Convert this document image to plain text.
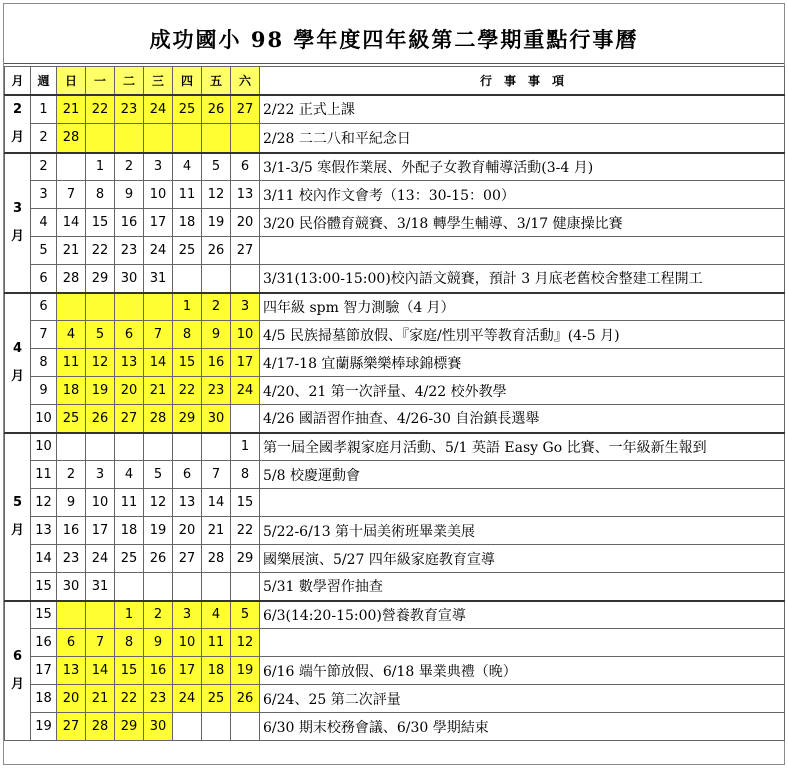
成功國小 98 學年度四年級第二學期重點行事曆
月	週	日	一	二	三	四	五	六	行　事　事　項

2
月	1	21	22	23	24	25	26	27	2/22 正式上課
	2	28							2/28 二二八和平紀念日

3
月	2		1	2	3	4	5	6	3/1-3/5 寒假作業展、外配子女教育輔導活動(3-4 月)
	3	7	8	9	10	11	12	13	3/11 校內作文會考（13：30-15：00）
	4	14	15	16	17	18	19	20	3/20 民俗體育競賽、3/18 轉學生輔導、3/17 健康操比賽
	5	21	22	23	24	25	26	27	
	6	28	29	30	31				3/31(13:00-15:00)校內語文競賽，預計 3 月底老舊校舍整建工程開工

4
月	6					1	2	3	四年級 spm 智力測驗（4 月）
	7	4	5	6	7	8	9	10	4/5 民族掃墓節放假、『家庭/性別平等教育活動』(4-5 月)
	8	11	12	13	14	15	16	17	4/17-18 宜蘭縣樂樂棒球錦標賽
	9	18	19	20	21	22	23	24	4/20、21 第一次評量、4/22 校外教學
	10	25	26	27	28	29	30		4/26 國語習作抽查、4/26-30 自治鎮長選舉

5
月	10							1	第一屆全國孝親家庭月活動、5/1 英語 Easy Go 比賽、一年級新生報到
	11	2	3	4	5	6	7	8	5/8 校慶運動會
	12	9	10	11	12	13	14	15	
	13	16	17	18	19	20	21	22	5/22-6/13 第十屆美術班畢業美展
	14	23	24	25	26	27	28	29	國樂展演、5/27 四年級家庭教育宣導
	15	30	31						5/31 數學習作抽查

6
月	15			1	2	3	4	5	6/3(14:20-15:00)營養教育宣導
	16	6	7	8	9	10	11	12	
	17	13	14	15	16	17	18	19	6/16 端午節放假、6/18 畢業典禮（晚）
	18	20	21	22	23	24	25	26	6/24、25 第二次評量
	19	27	28	29	30				6/30 期末校務會議、6/30 學期結束
